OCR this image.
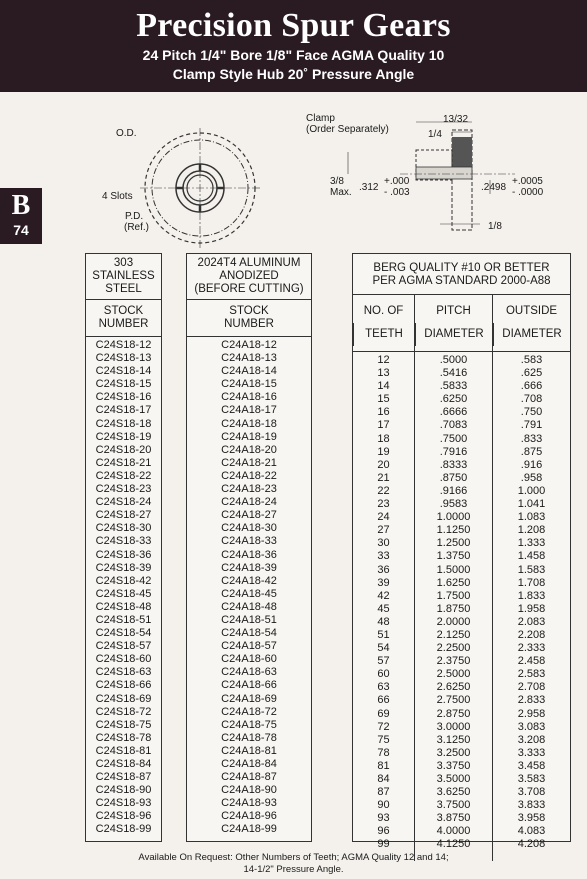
Precision Spur Gears
24 Pitch 1/4" Bore 1/8" Face AGMA Quality 10
Clamp Style Hub 20˚ Pressure Angle
B
74
O.D.
4 Slots
P.D.
(Ref.)
Clamp
(Order Separately)
13/32
1/4
3/8
Max. .312
+.000
- .003	.2498
+.0005
- .0000
1/8
303
STAINLESS
STEEL
STOCK
NUMBER
C24S18-12
C24S18-13
C24S18-14
C24S18-15
C24S18-16
C24S18-17
C24S18-18
C24S18-19
C24S18-20
C24S18-21
C24S18-22
C24S18-23
C24S18-24
C24S18-27
C24S18-30
C24S18-33
C24S18-36
C24S18-39
C24S18-42
C24S18-45
C24S18-48
C24S18-51
C24S18-54
C24S18-57
C24S18-60
C24S18-63
C24S18-66
C24S18-69
C24S18-72
C24S18-75
C24S18-78
C24S18-81
C24S18-84
C24S18-87
C24S18-90
C24S18-93
C24S18-96
C24S18-99
2024T4 ALUMINUM
ANODIZED
(BEFORE CUTTING)
STOCK
NUMBER
C24A18-12
C24A18-13
C24A18-14
C24A18-15
C24A18-16
C24A18-17
C24A18-18
C24A18-19
C24A18-20
C24A18-21
C24A18-22
C24A18-23
C24A18-24
C24A18-27
C24A18-30
C24A18-33
C24A18-36
C24A18-39
C24A18-42
C24A18-45
C24A18-48
C24A18-51
C24A18-54
C24A18-57
C24A18-60
C24A18-63
C24A18-66
C24A18-69
C24A18-72
C24A18-75
C24A18-78
C24A18-81
C24A18-84
C24A18-87
C24A18-90
C24A18-93
C24A18-96
C24A18-99
BERG QUALITY #10 OR BETTER
PER AGMA STANDARD 2000-A88
NO. OF
TEETH
PITCH
DIAMETER
OUTSIDE
DIAMETER
12
13
14
15
16
17
18
19
20
21
22
23
24
27
30
33
36
39
42
45
48
51
54
57
60
63
66
69
72
75
78
81
84
87
90
93
96
99
.5000
.5416
.5833
.6250
.6666
.7083
.7500
.7916
.8333
.8750
.9166
.9583
1.0000
1.1250
1.2500
1.3750
1.5000
1.6250
1.7500
1.8750
2.0000
2.1250
2.2500
2.3750
2.5000
2.6250
2.7500
2.8750
3.0000
3.1250
3.2500
3.3750
3.5000
3.6250
3.7500
3.8750
4.0000
4.1250
.583
.625
.666
.708
.750
.791
.833
.875
.916
.958
1.000
1.041
1.083
1.208
1.333
1.458
1.583
1.708
1.833
1.958
2.083
2.208
2.333
2.458
2.583
2.708
2.833
2.958
3.083
3.208
3.333
3.458
3.583
3.708
3.833
3.958
4.083
4.208
Available On Request: Other Numbers of Teeth; AGMA Quality 12 and 14;
14-1/2" Pressure Angle.
